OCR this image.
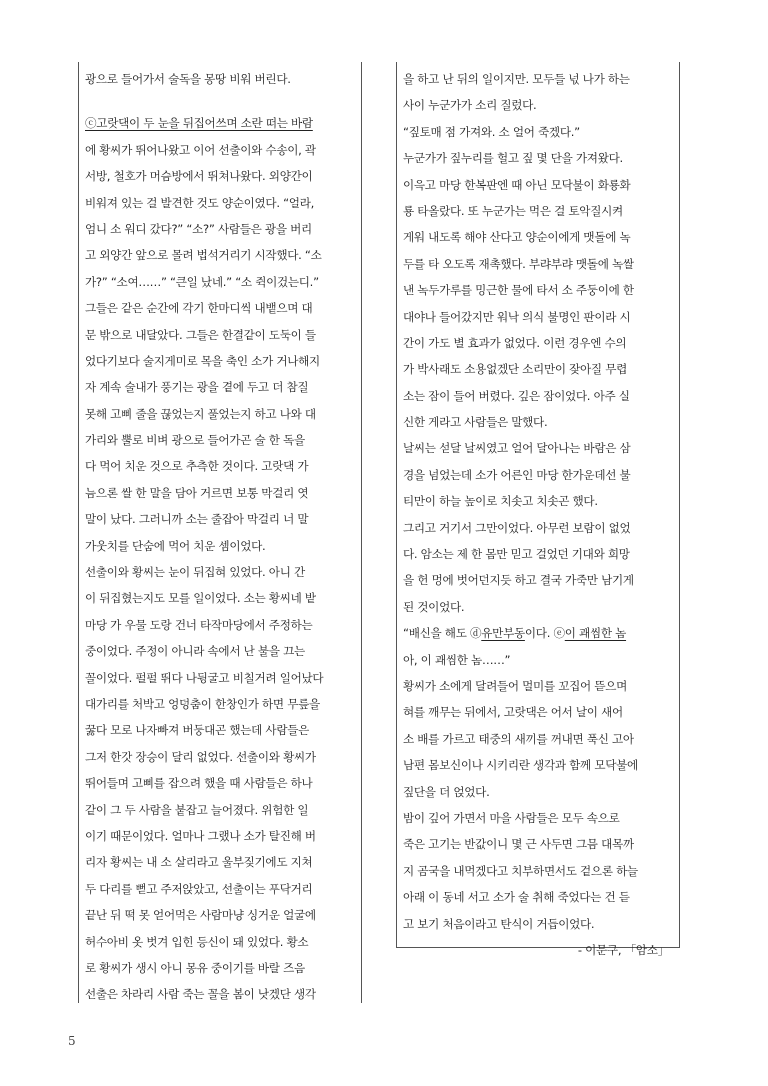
광으로 들어가서 술독을 몽땅 비워 버린다.
ⓒ고랏댁이 두 눈을 뒤집어쓰며 소란 떠는 바람
에 황씨가 뛰어나왔고 이어 선출이와 수송이, 곽
서방, 철호가 머슴방에서 뛰쳐나왔다. 외양간이
비워져 있는 걸 발견한 것도 양순이였다. “얼라,
엄니 소 워디 갔다?” “소?” 사람들은 광을 버리
고 외양간 앞으로 몰려 법석거리기 시작했다. “소
가?” “소여……” “큰일 났네.” “소 쥑이겄는디.”
그들은 같은 순간에 각기 한마디씩 내뱉으며 대
문 밖으로 내달았다. 그들은 한결같이 도둑이 들
었다기보다 술지게미로 목을 축인 소가 거나해지
자 계속 술내가 풍기는 광을 곁에 두고 더 참질
못해 고삐 줄을 끊었는지 풀었는지 하고 나와 대
가리와 뿔로 비벼 광으로 들어가곤 술 한 독을
다 먹어 치운 것으로 추측한 것이다. 고랏댁 가
늠으론 쌀 한 말을 담아 거르면 보통 막걸리 엿
말이 났다. 그러니까 소는 줄잡아 막걸리 너 말
가웃치를 단숨에 먹어 치운 셈이었다.
선출이와 황씨는 눈이 뒤집혀 있었다. 아니 간
이 뒤집혔는지도 모를 일이었다. 소는 황씨네 밭
마당 가 우물 도랑 건너 타작마당에서 주정하는
중이었다. 주정이 아니라 속에서 난 불을 끄는
꼴이었다. 펄펄 뛰다 나뒹굴고 비칠거려 일어났다
대가리를 처박고 엉덩춤이 한창인가 하면 무릎을
꿇다 모로 나자빠져 버둥대곤 했는데 사람들은
그저 한갓 장승이 달리 없었다. 선출이와 황씨가
뛰어들며 고삐를 잡으려 했을 때 사람들은 하나
같이 그 두 사람을 붙잡고 늘어졌다. 위험한 일
이기 때문이었다. 얼마나 그랬나 소가 탈진해 버
리자 황씨는 내 소 살리라고 울부짖기에도 지쳐
두 다리를 뻗고 주저앉았고, 선출이는 푸닥거리
끝난 뒤 떡 못 얻어먹은 사람마냥 싱거운 얼굴에
허수아비 옷 벗겨 입힌 등신이 돼 있었다. 황소
로 황씨가 생시 아니 몽유 중이기를 바랄 즈음
선출은 차라리 사람 죽는 꼴을 봄이 낫겠단 생각
을 하고 난 뒤의 일이지만. 모두들 넋 나가 하는
사이 누군가가 소리 질렀다.
“짚토매 점 가져와. 소 얼어 죽겠다.”
누군가가 짚누리를 헐고 짚 몇 단을 가져왔다.
이윽고 마당 한복판엔 때 아닌 모닥불이 화룡화
룡 타올랐다. 또 누군가는 먹은 걸 토악질시켜
게워 내도록 해야 산다고 양순이에게 맷돌에 녹
두를 타 오도록 재촉했다. 부랴부랴 맷돌에 녹쌀
낸 녹두가루를 밍근한 물에 타서 소 주둥이에 한
대야나 들어갔지만 워낙 의식 불명인 판이라 시
간이 가도 별 효과가 없었다. 이런 경우엔 수의
가 박사래도 소용없겠단 소리만이 잦아질 무렵
소는 잠이 들어 버렸다. 깊은 잠이었다. 아주 실
신한 게라고 사람들은 말했다.
날씨는 섣달 날씨였고 얼어 달아나는 바람은 삼
경을 넘었는데 소가 어른인 마당 한가운데선 불
티만이 하늘 높이로 치솟고 치솟곤 했다.
그리고 거기서 그만이었다. 아무런 보람이 없었
다. 암소는 제 한 몸만 믿고 걸었던 기대와 희망
을 헌 멍에 벗어던지듯 하고 결국 가죽만 남기게
된 것이었다.
“배신을 해도 ⓓ유만부동이다. ⓔ이 괘씸한 놈
아, 이 괘씸한 놈……”
황씨가 소에게 달려들어 멀미를 꼬집어 뜯으며
혀를 깨무는 뒤에서, 고랏댁은 어서 날이 새어
소 배를 가르고 태중의 새끼를 꺼내면 푹신 고아
남편 몸보신이나 시키리란 생각과 함께 모닥불에
짚단을 더 얹었다.
밤이 깊어 가면서 마을 사람들은 모두 속으로
죽은 고기는 반값이니 몇 근 사두면 그믐 대목까
지 곰국을 내먹겠다고 치부하면서도 겉으론 하늘
아래 이 동네 서고 소가 술 취해 죽었다는 건 듣
고 보기 처음이라고 탄식이 거듭이었다.
- 이문구, 「암소」
5
